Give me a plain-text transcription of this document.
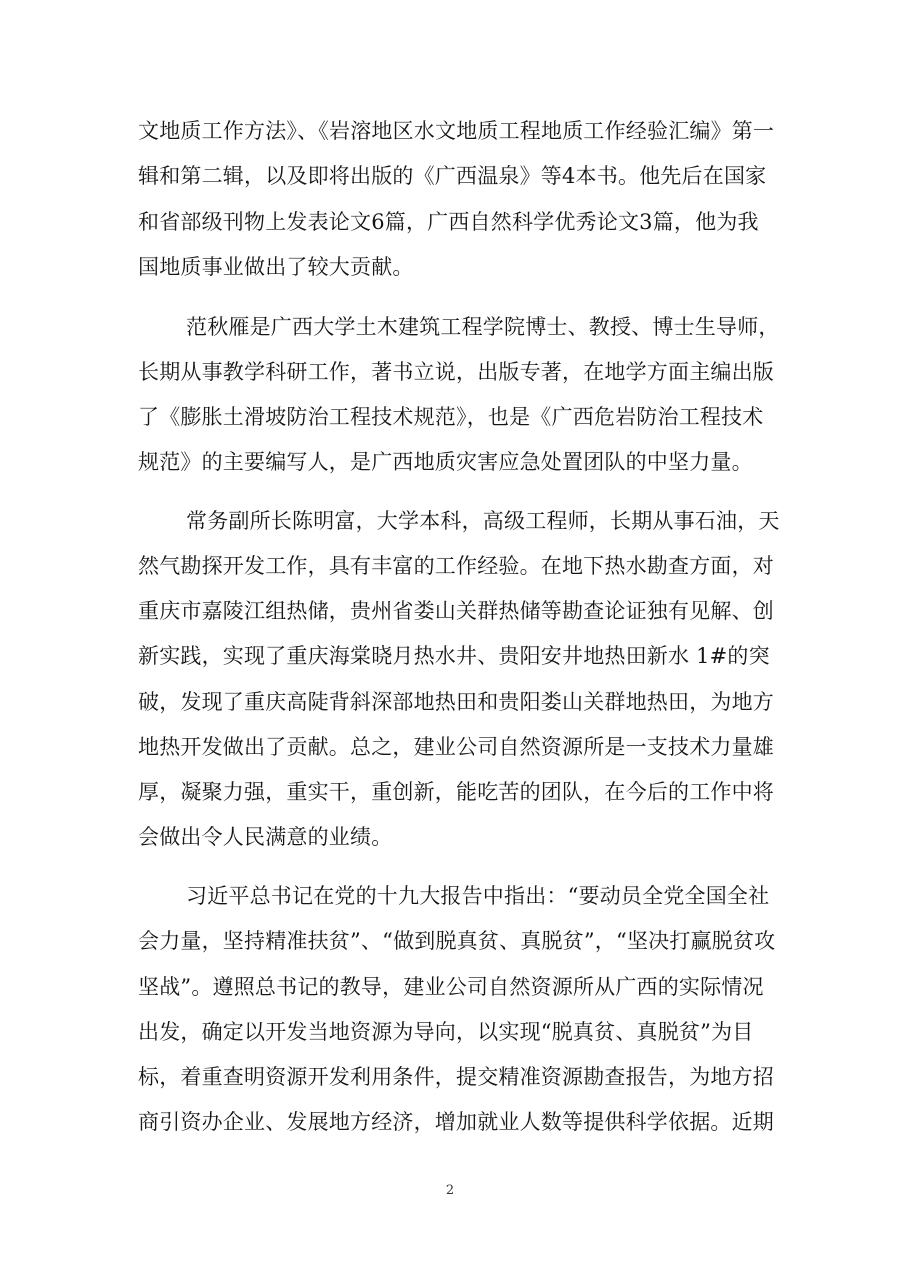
文地质工作方法》、《岩溶地区水文地质工程地质工作经验汇编》第一
辑和第二辑，以及即将出版的《广西温泉》等4本书。他先后在国家
和省部级刊物上发表论文6篇，广西自然科学优秀论文3篇，他为我
国地质事业做出了较大贡献。
范秋雁是广西大学土木建筑工程学院博士、教授、博士生导师，
长期从事教学科研工作，著书立说，出版专著，在地学方面主编出版
了《膨胀土滑坡防治工程技术规范》，也是《广西危岩防治工程技术
规范》的主要编写人，是广西地质灾害应急处置团队的中坚力量。
常务副所长陈明富，大学本科，高级工程师，长期从事石油，天
然气勘探开发工作，具有丰富的工作经验。在地下热水勘查方面，对
重庆市嘉陵江组热储，贵州省娄山关群热储等勘查论证独有见解、创
新实践，实现了重庆海棠晓月热水井、贵阳安井地热田新水 1#的突
破，发现了重庆高陡背斜深部地热田和贵阳娄山关群地热田，为地方
地热开发做出了贡献。总之，建业公司自然资源所是一支技术力量雄
厚，凝聚力强，重实干，重创新，能吃苦的团队，在今后的工作中将
会做出令人民满意的业绩。
习近平总书记在党的十九大报告中指出：“要动员全党全国全社
会力量，坚持精准扶贫”、“做到脱真贫、真脱贫”，“坚决打赢脱贫攻
坚战”。遵照总书记的教导，建业公司自然资源所从广西的实际情况
出发，确定以开发当地资源为导向，以实现“脱真贫、真脱贫”为目
标，着重查明资源开发利用条件，提交精准资源勘查报告，为地方招
商引资办企业、发展地方经济，增加就业人数等提供科学依据。近期
2
